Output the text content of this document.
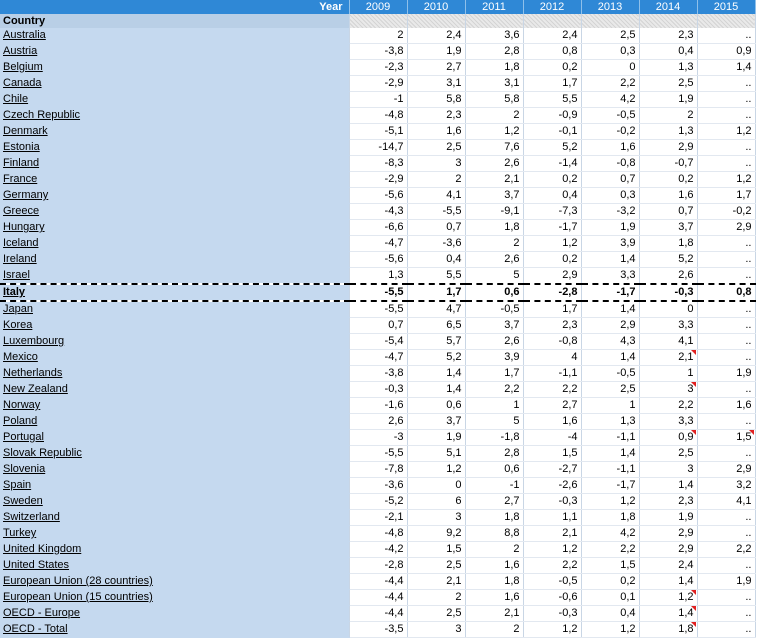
Year	2009	2010	2011	2012	2013	2014	2015
Country							
Australia	2	2,4	3,6	2,4	2,5	2,3	..
Austria	-3,8	1,9	2,8	0,8	0,3	0,4	0,9
Belgium	-2,3	2,7	1,8	0,2	0	1,3	1,4
Canada	-2,9	3,1	3,1	1,7	2,2	2,5	..
Chile	-1	5,8	5,8	5,5	4,2	1,9	..
Czech Republic	-4,8	2,3	2	-0,9	-0,5	2	..
Denmark	-5,1	1,6	1,2	-0,1	-0,2	1,3	1,2
Estonia	-14,7	2,5	7,6	5,2	1,6	2,9	..
Finland	-8,3	3	2,6	-1,4	-0,8	-0,7	..
France	-2,9	2	2,1	0,2	0,7	0,2	1,2
Germany	-5,6	4,1	3,7	0,4	0,3	1,6	1,7
Greece	-4,3	-5,5	-9,1	-7,3	-3,2	0,7	-0,2
Hungary	-6,6	0,7	1,8	-1,7	1,9	3,7	2,9
Iceland	-4,7	-3,6	2	1,2	3,9	1,8	..
Ireland	-5,6	0,4	2,6	0,2	1,4	5,2	..
Israel	1,3	5,5	5	2,9	3,3	2,6	..
Italy	-5,5	1,7	0,6	-2,8	-1,7	-0,3	0,8
Japan	-5,5	4,7	-0,5	1,7	1,4	0	..
Korea	0,7	6,5	3,7	2,3	2,9	3,3	..
Luxembourg	-5,4	5,7	2,6	-0,8	4,3	4,1	..
Mexico	-4,7	5,2	3,9	4	1,4	2,1	..
Netherlands	-3,8	1,4	1,7	-1,1	-0,5	1	1,9
New Zealand	-0,3	1,4	2,2	2,2	2,5	3	..
Norway	-1,6	0,6	1	2,7	1	2,2	1,6
Poland	2,6	3,7	5	1,6	1,3	3,3	..
Portugal	-3	1,9	-1,8	-4	-1,1	0,9	1,5
Slovak Republic	-5,5	5,1	2,8	1,5	1,4	2,5	..
Slovenia	-7,8	1,2	0,6	-2,7	-1,1	3	2,9
Spain	-3,6	0	-1	-2,6	-1,7	1,4	3,2
Sweden	-5,2	6	2,7	-0,3	1,2	2,3	4,1
Switzerland	-2,1	3	1,8	1,1	1,8	1,9	..
Turkey	-4,8	9,2	8,8	2,1	4,2	2,9	..
United Kingdom	-4,2	1,5	2	1,2	2,2	2,9	2,2
United States	-2,8	2,5	1,6	2,2	1,5	2,4	..
European Union (28 countries)	-4,4	2,1	1,8	-0,5	0,2	1,4	1,9
European Union (15 countries)	-4,4	2	1,6	-0,6	0,1	1,2	..
OECD - Europe	-4,4	2,5	2,1	-0,3	0,4	1,4	..
OECD - Total	-3,5	3	2	1,2	1,2	1,8	..
